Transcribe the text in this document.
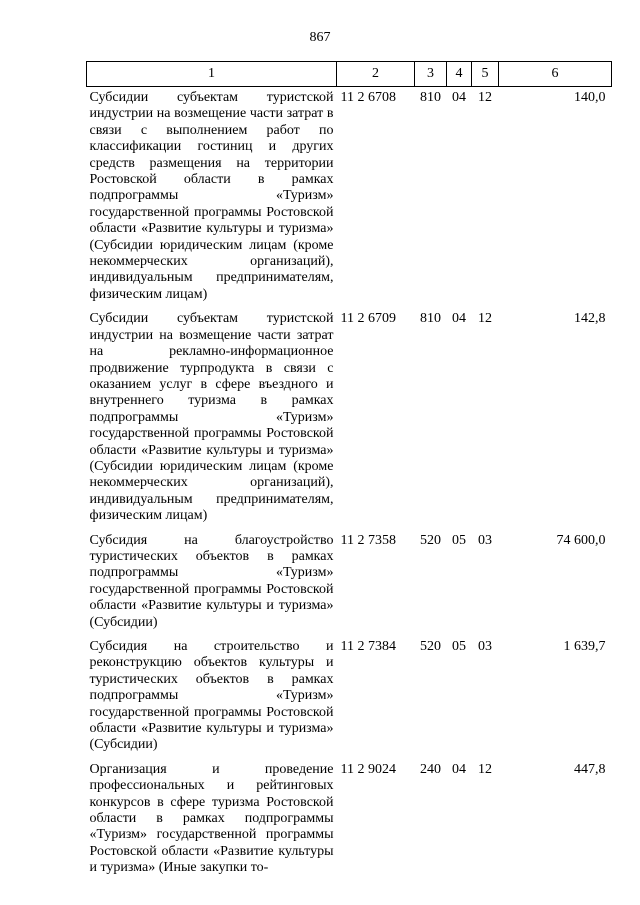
867
1	2	3	4	5	6
Субсидии субъектам туристской индустрии на возмещение части затрат в связи с выполнением работ по классификации гостиниц и других средств размещения на территории Ростовской области в рамках подпрограммы «Туризм» государственной программы Ростовской области «Развитие культуры и туризма» (Субсидии юридическим лицам (кроме некоммерческих организаций), индивидуальным предпринимателям, физическим лицам)	11 2 6708	810	04	12	140,0
Субсидии субъектам туристской индустрии на возмещение части затрат на рекламно-информационное продвижение турпродукта в связи с оказанием услуг в сфере въездного и внутреннего туризма в рамках подпрограммы «Туризм» государственной программы Ростовской области «Развитие культуры и туризма» (Субсидии юридическим лицам (кроме некоммерческих организаций), индивидуальным предпринимателям, физическим лицам)	11 2 6709	810	04	12	142,8
Субсидия на благоустройство туристических объектов в рамках подпрограммы «Туризм» государственной программы Ростовской области «Развитие культуры и туризма» (Субсидии)	11 2 7358	520	05	03	74 600,0
Субсидия на строительство и реконструкцию объектов культуры и туристических объектов в рамках подпрограммы «Туризм» государственной программы Ростовской области «Развитие культуры и туризма» (Субсидии)	11 2 7384	520	05	03	1 639,7
Организация и проведение профессиональных и рейтинговых конкурсов в сфере туризма Ростовской области в рамках подпрограммы «Туризм» государственной программы Ростовской области «Развитие культуры и туризма» (Иные закупки то-	11 2 9024	240	04	12	447,8
